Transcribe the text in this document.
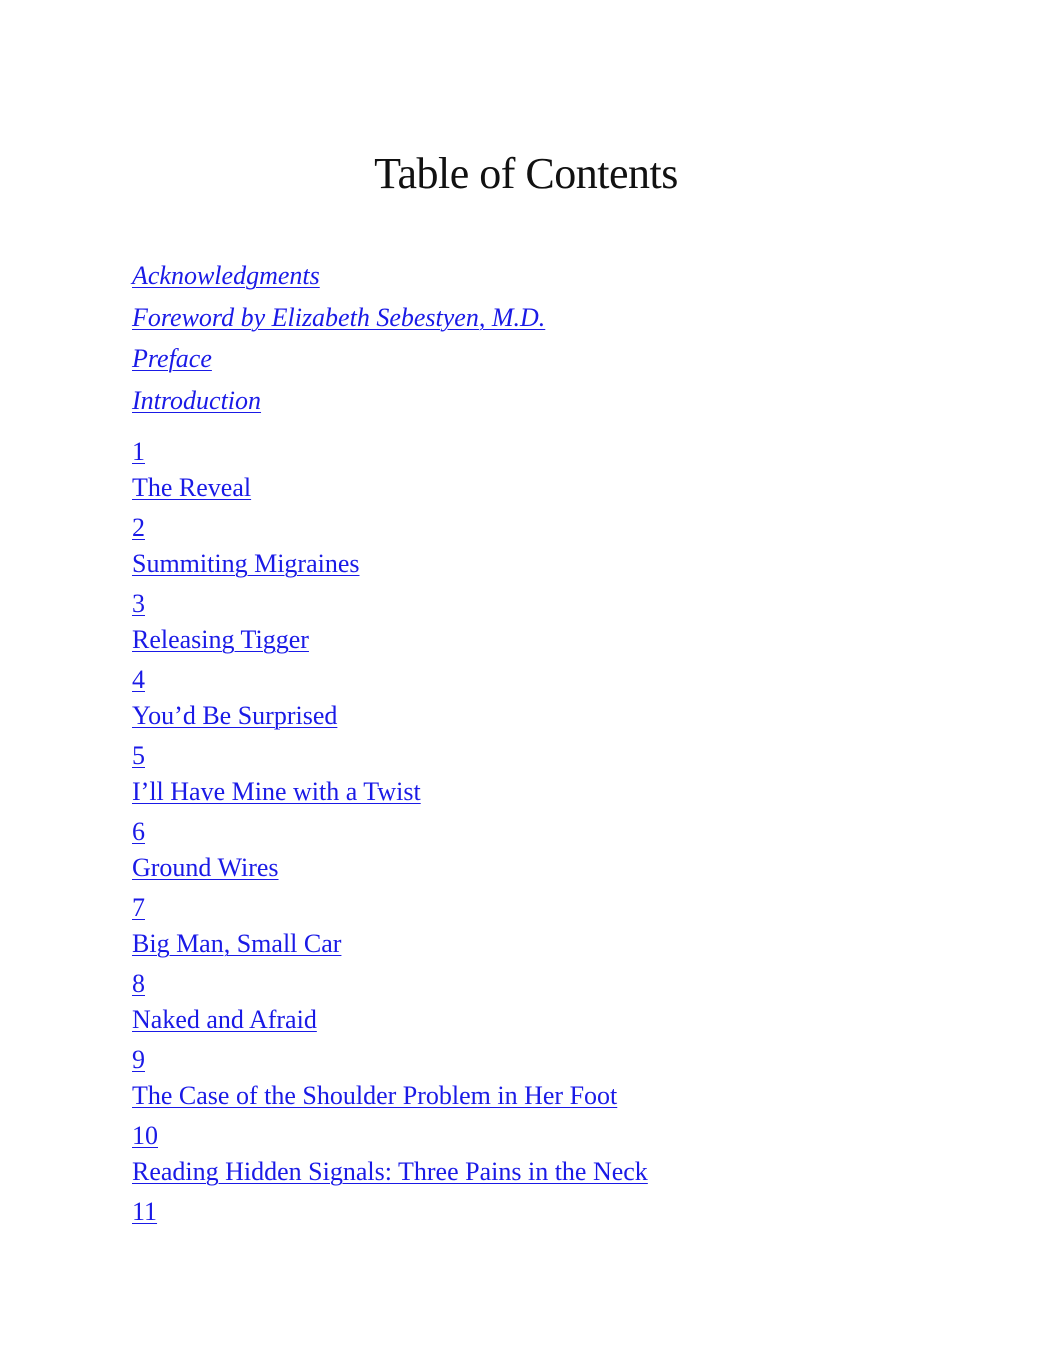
Table of Contents
Acknowledgments
Foreword by Elizabeth Sebestyen, M.D.
Preface
Introduction
1
The Reveal
2
Summiting Migraines
3
Releasing Tigger
4
You’d Be Surprised
5
I’ll Have Mine with a Twist
6
Ground Wires
7
Big Man, Small Car
8
Naked and Afraid
9
The Case of the Shoulder Problem in Her Foot
10
Reading Hidden Signals: Three Pains in the Neck
11
